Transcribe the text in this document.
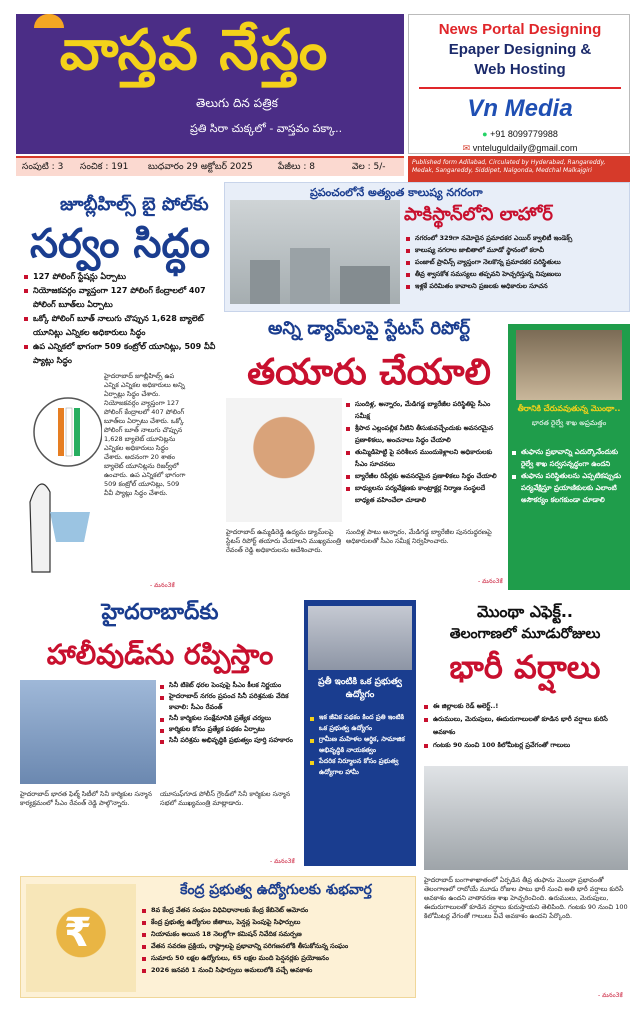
వాస్తవ నేస్తం
తెలుగు దిన పత్రిక
ప్రతి సిరా చుక్కలో - వాస్తవం పక్కా..
News Portal Designing
Epaper Designing &
Web Hosting
Vn Media
● +91 8099779988
✉ vnteluguldaily@gmail.com
సంపుటి : 3 సంచిక : 191 బుధవారం 29 అక్టోబర్ 2025	పేజీలు : 8	వెల : 5/-	Published form Adilabad, Circulated by Hyderabad, Rangareddy, Medak, Sangareddy, Siddipet, Nalgonda, Medchal Malkajgiri
జూబ్లీహిల్స్ బై పోల్‌కు
సర్వం సిద్ధం
127 పోలింగ్ స్టేషన్లు ఏర్పాటు
నియోజకవర్గం వ్యాప్తంగా 127 పోలింగ్ కేంద్రాలలో 407 పోలింగ్ బూత్‌లు ఏర్పాటు
ఒక్కో పోలింగ్ బూత్‌ నాలుగు చొప్పున 1,628 బ్యాలెట్ యూనిట్లు ఎన్నికల అధికారులు సిద్ధం
ఉప ఎన్నికలో భాగంగా 509 కంట్రోల్ యూనిట్లు, 509 వీవీ ప్యాట్లు సిద్ధం
హైదరాబాద్ జూబ్లీహిల్స్ ఉప ఎన్నిక ఎన్నికల అధికారులు అన్ని ఏర్పాట్లు సిద్ధం చేశారు. నియోజకవర్గం వ్యాప్తంగా 127 పోలింగ్ కేంద్రాలలో 407 పోలింగ్ బూత్‌లు ఏర్పాటు చేశారు. ఒక్కో పోలింగ్ బూత్‌ నాలుగు చొప్పున 1,628 బ్యాలెట్ యూనిట్లను ఎన్నికల అధికారులు సిద్ధం చేశారు. అదనంగా 20 శాతం బ్యాలెట్ యూనిట్లను రిజర్వ్‌లో ఉంచారు. ఉప ఎన్నికలో భాగంగా 509 కంట్రోల్ యూనిట్లు, 509 వీవీ ప్యాట్లు సిద్ధం చేశారు.
- మనం3కే
ప్రపంచంలోనే అత్యంత కాలుష్య నగరంగా
పాకిస్థాన్‌లోని లాహోర్
నగరంలో 329గా నమోదైన ప్రమాదకర ఎయిర్ క్వాలిటీ ఇండెక్స్
కాలుష్య నగరాల జాబితాలో మూడో స్థానంలో కరాచీ
పంజాబ్ ప్రావిన్స్ వ్యాప్తంగా నెలకొన్న ప్రమాదకర పరిస్థితులు
తీవ్ర శ్వాసకోశ సమస్యలు తప్పవని హెచ్చరిస్తున్న నిపుణులు
ఇళ్లకే పరిమితం కావాలని ప్రజలకు అధికారుల సూచన
అన్ని డ్యామ్‌లపై స్టేటస్ రిపోర్ట్
తయారు చేయాలి
సుందిళ్ల, అన్నారం, మేడిగడ్డ బ్యారేజీల పరిస్థితిపై సీఎం సమీక్ష
శ్రీపాద ఎల్లంపల్లిక నీటిని తీసుకువచ్చేందుకు అవసరమైన ప్రణాళికలు, అంచనాలు సిద్ధం చేయాలి
తుమ్మిడిహెట్టి పై పరిశీలన ముందుకెళ్లాలని అధికారులకు సీఎం సూచనలు
బ్యారేజీల రిపేర్లకు అవసరమైన ప్రణాళికలు సిద్ధం చేయాలి
బాధ్యులను పర్యవేక్షణకు కాంట్రాక్టర్ల నిర్మాణ సంస్థలదే బాధ్యత వహించేలా చూడాలి
హైదరాబాద్ ఉమ్మడిరెడ్డి ఉద్యమ డ్యామ్‌లపై స్టేటస్ రిపోర్ట్ తయారు చేయాలని ముఖ్యమంత్రి రేవంత్ రెడ్డి అధికారులను ఆదేశించారు.
సుందిళ్ల పాటు అన్నారం, మేడిగడ్డ బ్యారేజీల పునరుద్ధరణపై అధికారులతో సీఎం సమీక్ష నిర్వహించారు.
- మనం3కే
తీరానికి చేరువవుతున్న మొంథా..
భారత రైల్వే శాఖ అప్రమత్తం
తుఫాను ప్రభావాన్ని ఎదుర్కొనేందుకు రైల్వే శాఖ సర్వసన్నద్ధంగా ఉందని
తుఫాను పరిస్థితులను ఎప్పటికప్పుడు పర్యవేక్షిస్తూ ప్రయాణికులకు ఎలాంటి అసౌకర్యం కలగకుండా చూడాలి
హైదరాబాద్‌కు
హాలీవుడ్‌ను రప్పిస్తాం
సినీ టికెట్ ధరల పెంపుపై సీఎం కీలక నిర్ణయం
హైదరాబాద్ నగరం ప్రపంచ సినీ పరిశ్రమకు వేదిక కావాలి: సీఎం రేవంత్
సినీ కార్మికుల సంక్షేమానికి ప్రత్యేక చర్యలు
కార్మికుల కోసం ప్రత్యేక పథకం ఏర్పాటు
సినీ పరిశ్రమ అభివృద్ధికి ప్రభుత్వం పూర్తి సహకారం
హైదరాబాద్ భారత ఫిల్మ్ సిటీలో సినీ కార్మికుల సన్మాన కార్యక్రమంలో సీఎం రేవంత్ రెడ్డి పాల్గొన్నారు.
యూసుఫ్‌గూడ పోలీస్ గ్రౌండ్‌లో సినీ కార్మికుల సన్మాన సభలో ముఖ్యమంత్రి మాట్లాడారు.
- మనం3కే
ప్రతీ ఇంటికి ఒక ప్రభుత్వ ఉద్యోగం
ఇక జీవిక పథకం కింద ప్రతి ఇంటికి ఒక ప్రభుత్వ ఉద్యోగం
గ్రామీణ మహిళల ఆర్థిక, సామాజిక అభివృద్ధికి నాయకత్వం
పేదరిక నిర్మూలన కోసం ప్రభుత్వ ఉద్యోగాల హామీ
మొంథా ఎఫెక్ట్..
తెలంగాణలో మూడురోజులు
భారీ వర్షాలు
ఈ జిల్లాలకు రెడ్ అలెర్ట్..!
ఉరుములు, మెరుపులు, ఈదురుగాలులతో కూడిన భారీ వర్షాలు కురిసే అవకాశం
గంటకు 90 నుంచి 100 కిలోమీటర్ల ప్రవేగంతో గాలులు
హైదరాబాద్ బంగాళాఖాతంలో ఏర్పడిన తీవ్ర తుఫాను మొంథా ప్రభావంతో తెలంగాణలో రాబోయే మూడు రోజుల పాటు భారీ నుంచి అతి భారీ వర్షాలు కురిసే అవకాశం ఉందని వాతావరణ శాఖ హెచ్చరించింది. ఉరుములు, మెరుపులు, ఈదురుగాలులతో కూడిన వర్షాలు కురుస్తాయని తెలిపింది. గంటకు 90 నుంచి 100 కిలోమీటర్ల వేగంతో గాలులు వీచే అవకాశం ఉందని పేర్కొంది.
- మనం3కే
₹
కేంద్ర ప్రభుత్వ ఉద్యోగులకు శుభవార్త
8వ కేంద్ర వేతన సంఘం విధివిధానాలకు కేంద్ర కేబినెట్ ఆమోదం
కేంద్ర ప్రభుత్వ ఉద్యోగుల జీతాలు, పెన్షన్ల పెంపుపై సిఫార్సులు
నియామకం అయిన 18 నెలల్లోగా కమిషన్ నివేదిక సమర్పణ
వేతన సవరణ ప్రక్రియ, రాష్ట్రాలపై ప్రభావాన్ని పరిగణనలోకి తీసుకోనున్న సంఘం
సుమారు 50 లక్షల ఉద్యోగులు, 65 లక్షల మంది పెన్షనర్లకు ప్రయోజనం
2026 జనవరి 1 నుంచి సిఫార్సులు అమలులోకి వచ్చే అవకాశం
